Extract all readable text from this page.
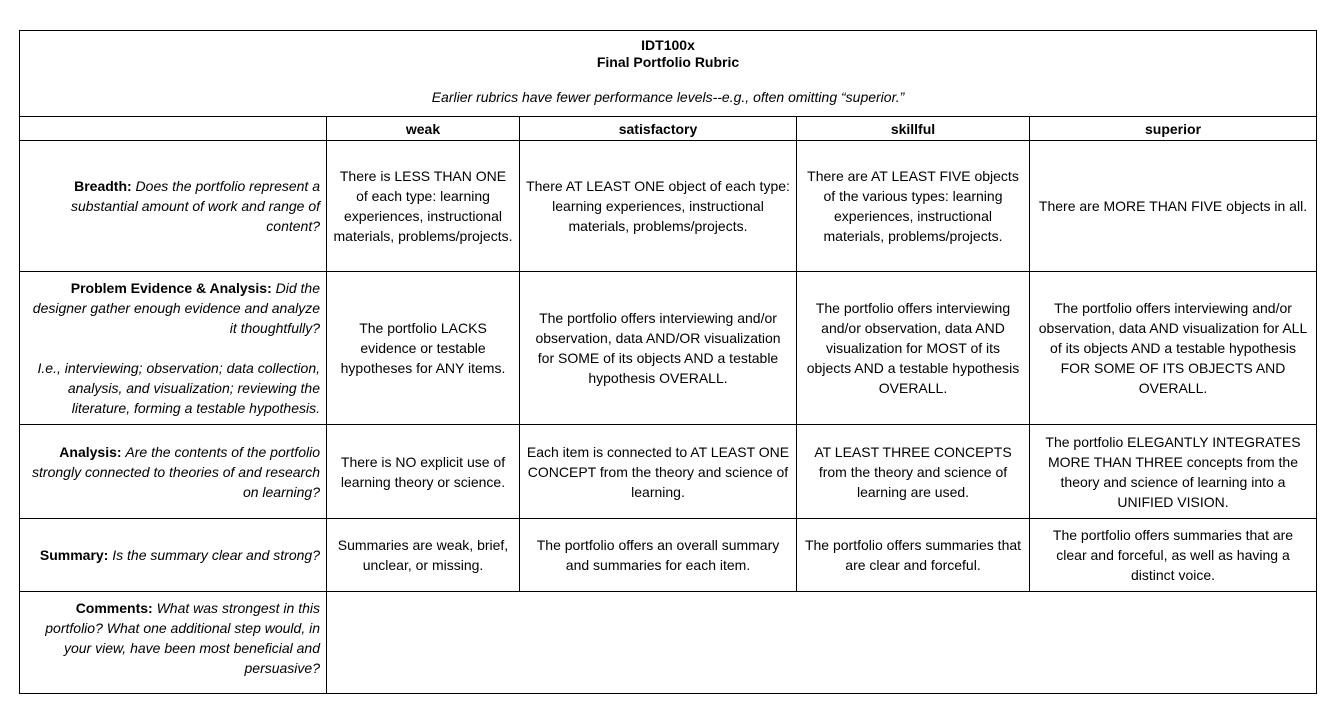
IDT100x
Final Portfolio Rubric
Earlier rubrics have fewer performance levels--e.g., often omitting “superior.”				

	weak	satisfactory	skillful	superior
Breadth: Does the portfolio represent a substantial amount of work and range of content?	There is LESS THAN ONE of each type: learning experiences, instructional materials, problems/projects.	There AT LEAST ONE object of each type: learning experiences, instructional materials, problems/projects.	There are AT LEAST FIVE objects of the various types: learning experiences, instructional materials, problems/projects.	There are MORE THAN FIVE objects in all.
Problem Evidence & Analysis: Did the designer gather enough evidence and analyze it thoughtfully?
I.e., interviewing; observation; data collection, analysis, and visualization; reviewing the literature, forming a testable hypothesis.	The portfolio LACKS evidence or testable hypotheses for ANY items.	The portfolio offers interviewing and/or observation, data AND/OR visualization for SOME of its objects AND a testable hypothesis OVERALL.	The portfolio offers interviewing and/or observation, data AND visualization for MOST of its objects AND a testable hypothesis OVERALL.	The portfolio offers interviewing and/or observation, data AND visualization for ALL of its objects AND a testable hypothesis FOR SOME OF ITS OBJECTS AND OVERALL.
Analysis: Are the contents of the portfolio strongly connected to theories of and research on learning?	There is NO explicit use of learning theory or science.	Each item is connected to AT LEAST ONE CONCEPT from the theory and science of learning.	AT LEAST THREE CONCEPTS from the theory and science of learning are used.	The portfolio ELEGANTLY INTEGRATES MORE THAN THREE concepts from the theory and science of learning into a UNIFIED VISION.
Summary: Is the summary clear and strong?	Summaries are weak, brief, unclear, or missing.	The portfolio offers an overall summary and summaries for each item.	The portfolio offers summaries that are clear and forceful.	The portfolio offers summaries that are clear and forceful, as well as having a distinct voice.
Comments: What was strongest in this portfolio? What one additional step would, in your view, have been most beneficial and persuasive?				
